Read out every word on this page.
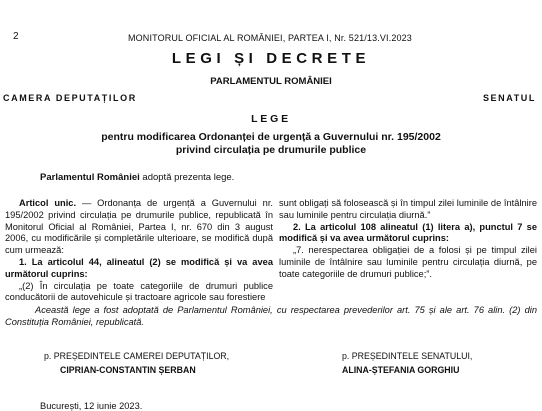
2	MONITORUL OFICIAL AL ROMÂNIEI, PARTEA I, Nr. 521/13.VI.2023
LEGI ȘI DECRETE
PARLAMENTUL ROMÂNIEI
CAMERA DEPUTAȚILOR	SENATUL
LEGE
pentru modificarea Ordonanței de urgență a Guvernului nr. 195/2002
privind circulația pe drumurile publice
Parlamentul României adoptă prezenta lege.

Articol unic. — Ordonanța de urgență a Guvernului nr. 195/2002 privind circulația pe drumurile publice, republicată în Monitorul Oficial al României, Partea I, nr. 670 din 3 august 2006, cu modificările și completările ulterioare, se modifică după cum urmează:

1. La articolul 44, alineatul (2) se modifică și va avea următorul cuprins:

„(2) În circulația pe toate categoriile de drumuri publice conducătorii de autovehicule și tractoare agricole sau forestiere

sunt obligați să folosească și în timpul zilei luminile de întâlnire sau luminile pentru circulația diurnă.”

2. La articolul 108 alineatul (1) litera a), punctul 7 se modifică și va avea următorul cuprins:

„7. nerespectarea obligației de a folosi și pe timpul zilei luminile de întâlnire sau luminile pentru circulația diurnă, pe toate categoriile de drumuri publice;”.

Această lege a fost adoptată de Parlamentul României, cu respectarea prevederilor art. 75 și ale art. 76 alin. (2) din Constituția României, republicată.
p. PREȘEDINTELE CAMEREI DEPUTAȚILOR,	p. PREȘEDINTELE SENATULUI,
CIPRIAN-CONSTANTIN ȘERBAN	ALINA-ȘTEFANIA GORGHIU
București, 12 iunie 2023.
